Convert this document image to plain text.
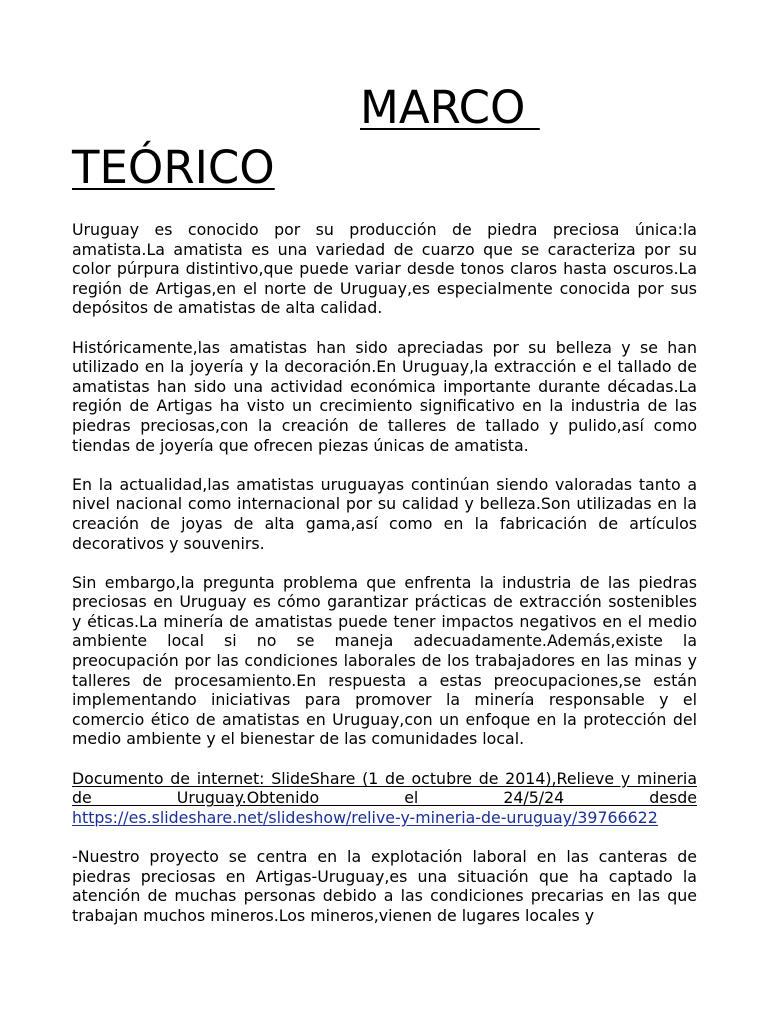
MARCO
TEÓRICO

Uruguay es conocido por su producción de piedra preciosa única:la amatista.La amatista es una variedad de cuarzo que se caracteriza por su color púrpura distintivo,que puede variar desde tonos claros hasta oscuros.La región de Artigas,en el norte de Uruguay,es especialmente conocida por sus depósitos de amatistas de alta calidad.

Históricamente,las amatistas han sido apreciadas por su belleza y se han utilizado en la joyería y la decoración.En Uruguay,la extracción e el tallado de amatistas han sido una actividad económica importante durante décadas.La región de Artigas ha visto un crecimiento significativo en la industria de las piedras preciosas,con la creación de talleres de tallado y pulido,así como tiendas de joyería que ofrecen piezas únicas de amatista.

En la actualidad,las amatistas uruguayas continúan siendo valoradas tanto a nivel nacional como internacional por su calidad y belleza.Son utilizadas en la creación de joyas de alta gama,así como en la fabricación de artículos decorativos y souvenirs.

Sin embargo,la pregunta problema que enfrenta la industria de las piedras preciosas en Uruguay es cómo garantizar prácticas de extracción sostenibles y éticas.La minería de amatistas puede tener impactos negativos en el medio ambiente local si no se maneja adecuadamente.Además,existe la preocupación por las condiciones laborales de los trabajadores en las minas y talleres de procesamiento.En respuesta a estas preocupaciones,se están implementando iniciativas para promover la minería responsable y el comercio ético de amatistas en Uruguay,con un enfoque en la protección del medio ambiente y el bienestar de las comunidades local.

Documento de internet: SlideShare (1 de octubre de 2014),Relieve y mineria de Uruguay.Obtenido el 24/5/24 desde https://es.slideshare.net/slideshow/relive-y-mineria-de-uruguay/39766622

-Nuestro proyecto se centra en la explotación laboral en las canteras de piedras preciosas en Artigas-Uruguay,es una situación que ha captado la atención de muchas personas debido a las condiciones precarias en las que trabajan muchos mineros.Los mineros,vienen de lugares locales y
